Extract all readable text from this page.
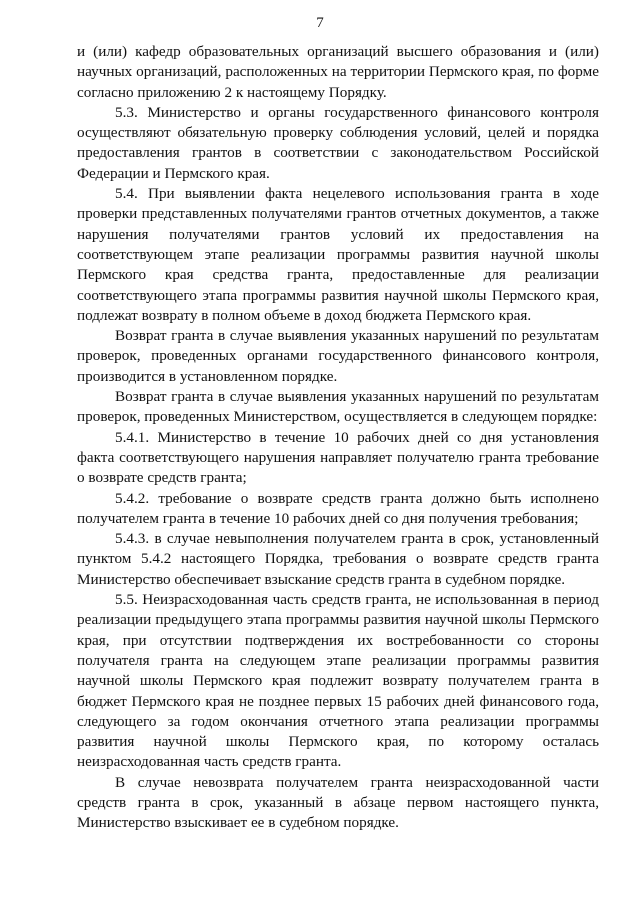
7

и (или) кафедр образовательных организаций высшего образования и (или) научных организаций, расположенных на территории Пермского края, по форме согласно приложению 2 к настоящему Порядку.

5.3. Министерство и органы государственного финансового контроля осуществляют обязательную проверку соблюдения условий, целей и порядка предоставления грантов в соответствии с законодательством Российской Федерации и Пермского края.

5.4. При выявлении факта нецелевого использования гранта в ходе проверки представленных получателями грантов отчетных документов, а также нарушения получателями грантов условий их предоставления на соответствующем этапе реализации программы развития научной школы Пермского края средства гранта, предоставленные для реализации соответствующего этапа программы развития научной школы Пермского края, подлежат возврату в полном объеме в доход бюджета Пермского края.

Возврат гранта в случае выявления указанных нарушений по результатам проверок, проведенных органами государственного финансового контроля, производится в установленном порядке.

Возврат гранта в случае выявления указанных нарушений по результатам проверок, проведенных Министерством, осуществляется в следующем порядке:

5.4.1. Министерство в течение 10 рабочих дней со дня установления факта соответствующего нарушения направляет получателю гранта требование о возврате средств гранта;

5.4.2. требование о возврате средств гранта должно быть исполнено получателем гранта в течение 10 рабочих дней со дня получения требования;

5.4.3. в случае невыполнения получателем гранта в срок, установленный пунктом 5.4.2 настоящего Порядка, требования о возврате средств гранта Министерство обеспечивает взыскание средств гранта в судебном порядке.

5.5. Неизрасходованная часть средств гранта, не использованная в период реализации предыдущего этапа программы развития научной школы Пермского края, при отсутствии подтверждения их востребованности со стороны получателя гранта на следующем этапе реализации программы развития научной школы Пермского края подлежит возврату получателем гранта в бюджет Пермского края не позднее первых 15 рабочих дней финансового года, следующего за годом окончания отчетного этапа реализации программы развития научной школы Пермского края, по которому осталась неизрасходованная часть средств гранта.

В случае невозврата получателем гранта неизрасходованной части средств гранта в срок, указанный в абзаце первом настоящего пункта, Министерство взыскивает ее в судебном порядке.
